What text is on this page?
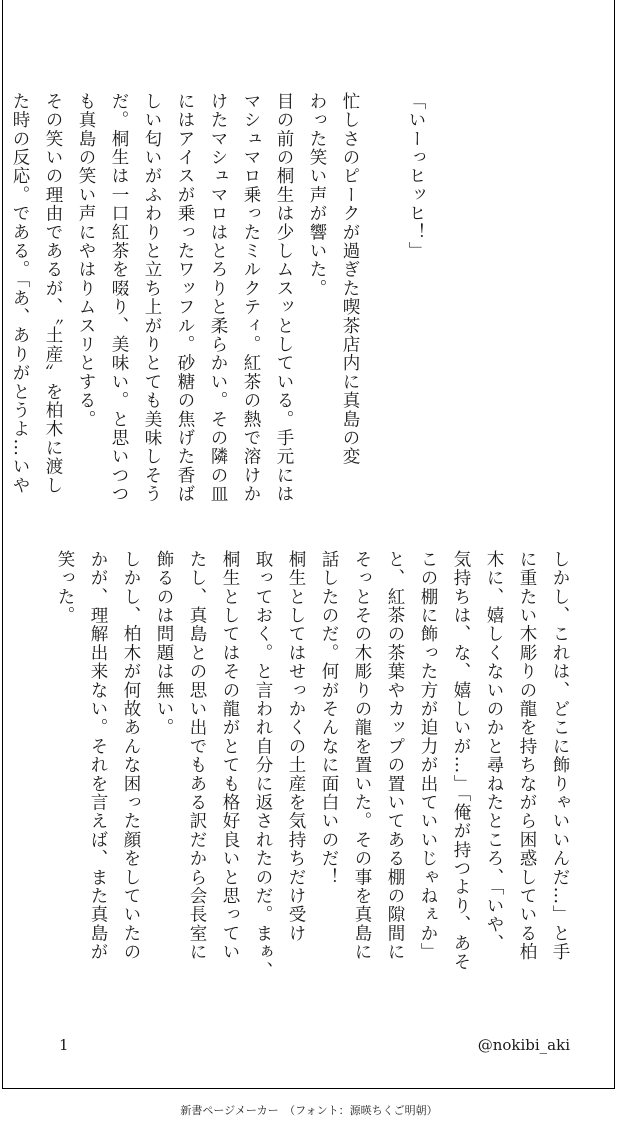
「いーっヒッヒ！」
忙しさのピークが過ぎた喫茶店内に真島の変
わった笑い声が響いた。
目の前の桐生は少しムスッとしている。手元には
マシュマロ乗ったミルクティ。紅茶の熱で溶けか
けたマシュマロはとろりと柔らかい。その隣の皿
にはアイスが乗ったワッフル。砂糖の焦げた香ば
しい匂いがふわりと立ち上がりとても美味しそう
だ。桐生は一口紅茶を啜り、美味い。と思いつつ
も真島の笑い声にやはりムスリとする。
その笑いの理由であるが、〝土産〟を柏木に渡し
た時の反応。である。「あ、ありがとうよ…いや
しかし、これは、どこに飾りゃいいんだ…」と手
に重たい木彫りの龍を持ちながら困惑している柏
木に、嬉しくないのかと尋ねたところ、「いや、
気持ちは、な、嬉しいが…」「俺が持つより、あそ
この棚に飾った方が迫力が出ていいじゃねぇか」
と、紅茶の茶葉やカップの置いてある棚の隙間に
そっとその木彫りの龍を置いた。その事を真島に
話したのだ。何がそんなに面白いのだ！
桐生としてはせっかくの土産を気持ちだけ受け
取っておく。と言われ自分に返されたのだ。まぁ、
桐生としてはその龍がとても格好良いと思ってい
たし、真島との思い出でもある訳だから会長室に
飾るのは問題は無い。
しかし、柏木が何故あんな困った顔をしていたの
かが、理解出来ない。それを言えば、また真島が
笑った。
1	@nokibi_aki
新書ページメーカー　（フォント：源暎ちくご明朝）
